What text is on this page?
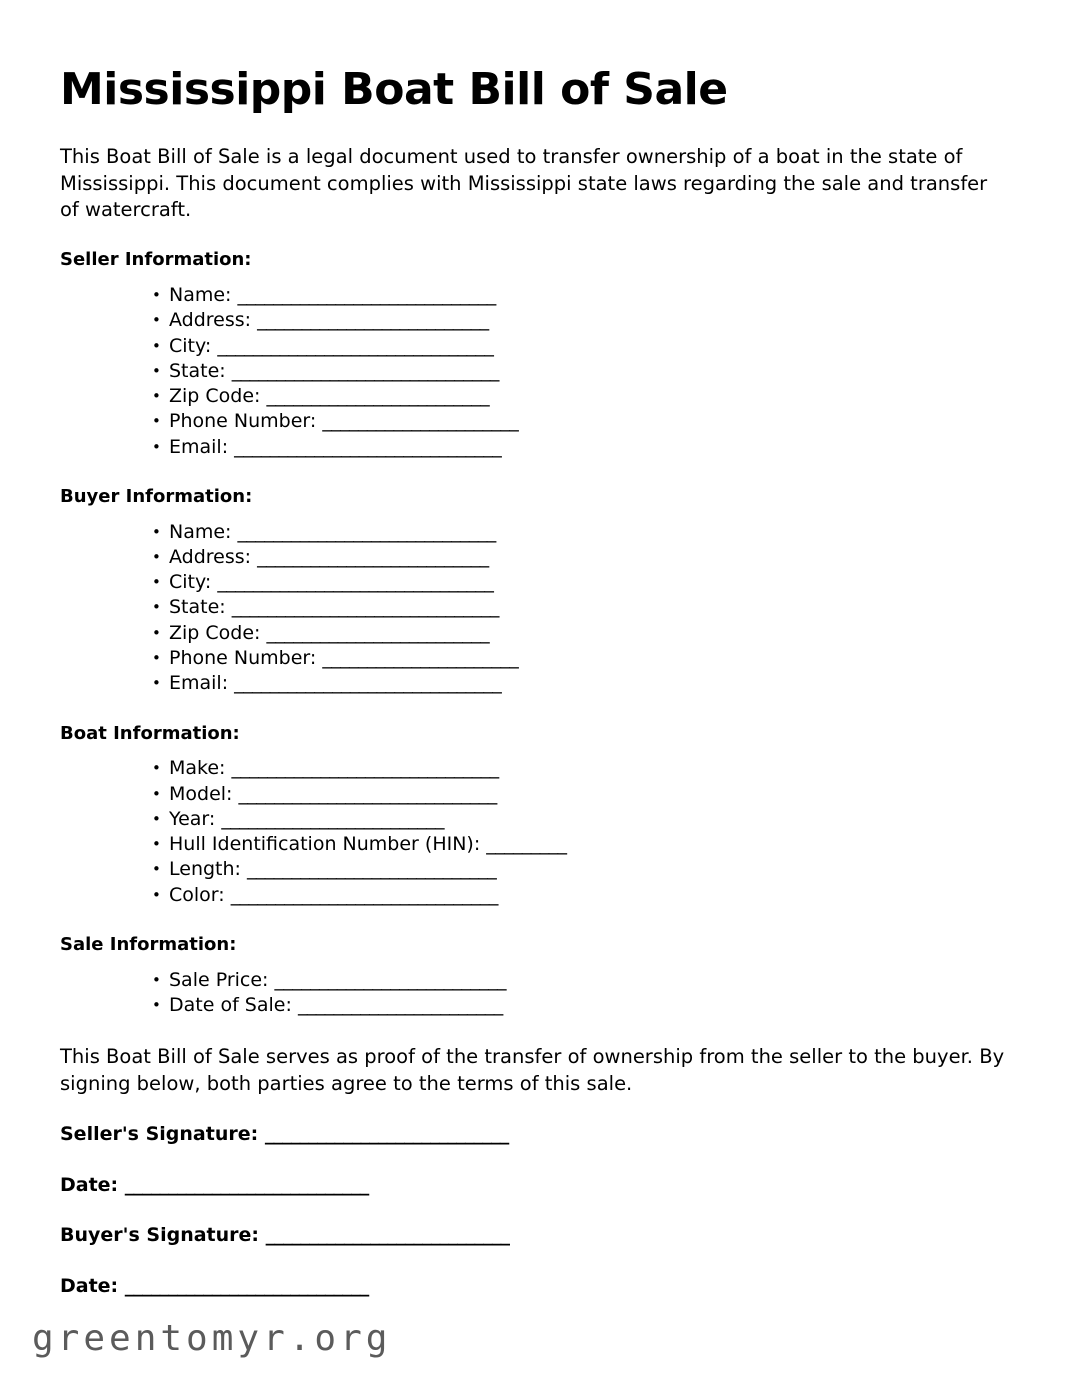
Mississippi Boat Bill of Sale

This Boat Bill of Sale is a legal document used to transfer ownership of a boat in the state of Mississippi. This document complies with Mississippi state laws regarding the sale and transfer of watercraft.

Seller Information:
• Name: _____________________________
• Address: __________________________
• City: _______________________________
• State: ______________________________
• Zip Code: _________________________
• Phone Number: ______________________
• Email: ______________________________
Buyer Information:
• Name: _____________________________
• Address: __________________________
• City: _______________________________
• State: ______________________________
• Zip Code: _________________________
• Phone Number: ______________________
• Email: ______________________________
Boat Information:
• Make: ______________________________
• Model: _____________________________
• Year: _________________________
• Hull Identification Number (HIN): _________
• Length: ____________________________
• Color: ______________________________
Sale Information:
• Sale Price: __________________________
• Date of Sale: _______________________

This Boat Bill of Sale serves as proof of the transfer of ownership from the seller to the buyer. By signing below, both parties agree to the terms of this sale.

Seller's Signature: ____________________________
Date: ____________________________
Buyer's Signature: ____________________________
Date: ____________________________
greentomyr.org
